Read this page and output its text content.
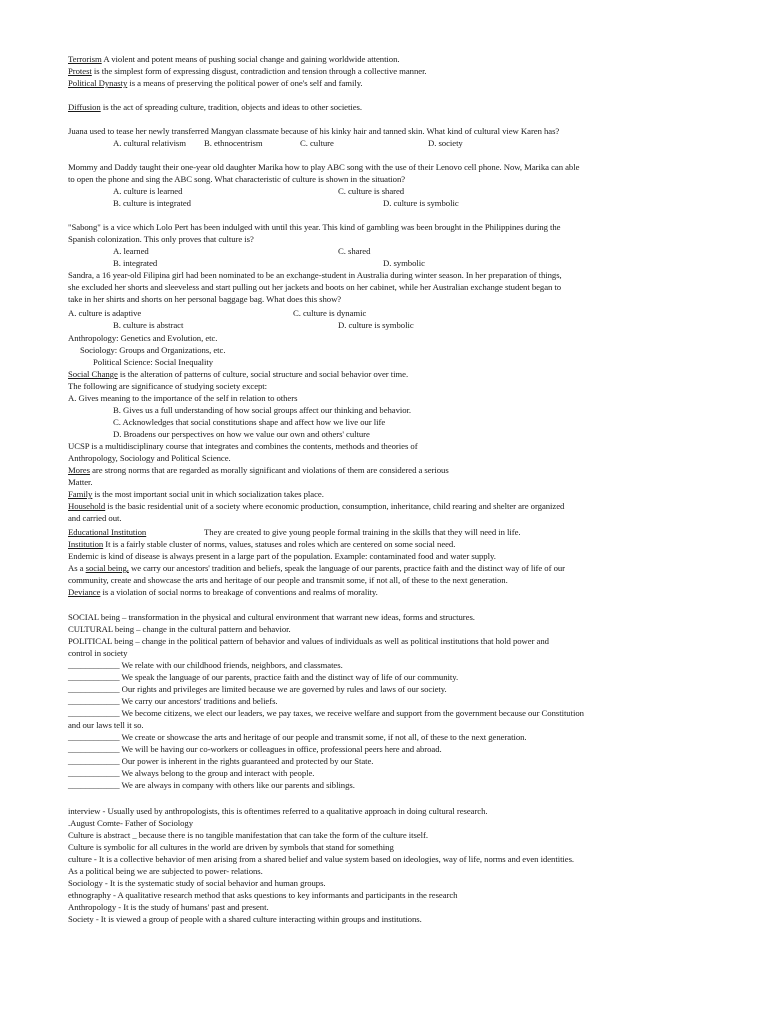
Terrorism A violent and potent means of pushing social change and gaining worldwide attention.
Protest is the simplest form of expressing disgust, contradiction and tension through a collective manner.
Political Dynasty is a means of preserving the political power of one's self and family.
Diffusion is the act of spreading culture, tradition, objects and ideas to other societies.
Juana used to tease her newly transferred Mangyan classmate because of his kinky hair and tanned skin. What kind of cultural view Karen has?
A. cultural relativism B. ethnocentrism	C. culture	D. society
Mommy and Daddy taught their one-year old daughter Marika how to play ABC song with the use of their Lenovo cell phone. Now, Marika can able
to open the phone and sing the ABC song. What characteristic of culture is shown in the situation?
A. culture is learned	C. culture is shared
B. culture is integrated	D. culture is symbolic
"Sabong" is a vice which Lolo Pert has been indulged with until this year. This kind of gambling was been brought in the Philippines during the
Spanish colonization. This only proves that culture is?
A. learned	C. shared
B. integrated	D. symbolic
Sandra, a 16 year-old Filipina girl had been nominated to be an exchange-student in Australia during winter season. In her preparation of things,
she excluded her shorts and sleeveless and start pulling out her jackets and boots on her cabinet, while her Australian exchange student began to
take in her shirts and shorts on her personal baggage bag. What does this show?
A. culture is adaptive	C. culture is dynamic
B. culture is abstract	D. culture is symbolic
Anthropology: Genetics and Evolution, etc.
Sociology: Groups and Organizations, etc.
Political Science: Social Inequality
Social Change is the alteration of patterns of culture, social structure and social behavior over time.
The following are significance of studying society except:
A. Gives meaning to the importance of the self in relation to others
B. Gives us a full understanding of how social groups affect our thinking and behavior.
C. Acknowledges that social constitutions shape and affect how we live our life
D. Broadens our perspectives on how we value our own and others' culture
UCSP is a multidisciplinary course that integrates and combines the contents, methods and theories of
Anthropology, Sociology and Political Science.
Mores are strong norms that are regarded as morally significant and violations of them are considered a serious
Matter.
Family is the most important social unit in which socialization takes place.
Household is the basic residential unit of a society where economic production, consumption, inheritance, child rearing and shelter are organized
and carried out.
Educational Institution	They are created to give young people formal training in the skills that they will need in life.
Institution It is a fairly stable cluster of norms, values, statuses and roles which are centered on some social need.
Endemic is kind of disease is always present in a large part of the population. Example: contaminated food and water supply.
As a social being, we carry our ancestors' tradition and beliefs, speak the language of our parents, practice faith and the distinct way of life of our
community, create and showcase the arts and heritage of our people and transmit some, if not all, of these to the next generation.
Deviance is a violation of social norms to breakage of conventions and realms of morality.
SOCIAL being – transformation in the physical and cultural environment that warrant new ideas, forms and structures.
CULTURAL being – change in the cultural pattern and behavior.
POLITICAL being – change in the political pattern of behavior and values of individuals as well as political institutions that hold power and
control in society
____________ We relate with our childhood friends, neighbors, and classmates.
____________ We speak the language of our parents, practice faith and the distinct way of life of our community.
____________ Our rights and privileges are limited because we are governed by rules and laws of our society.
____________ We carry our ancestors' traditions and beliefs.
____________ We become citizens, we elect our leaders, we pay taxes, we receive welfare and support from the government because our Constitution
and our laws tell it so.
____________ We create or showcase the arts and heritage of our people and transmit some, if not all, of these to the next generation.
____________ We will be having our co-workers or colleagues in office, professional peers here and abroad.
____________ Our power is inherent in the rights guaranteed and protected by our State.
____________ We always belong to the group and interact with people.
____________ We are always in company with others like our parents and siblings.
interview - Usually used by anthropologists, this is oftentimes referred to a qualitative approach in doing cultural research.
.August Comte- Father of Sociology
Culture is abstract _ because there is no tangible manifestation that can take the form of the culture itself.
Culture is symbolic for all cultures in the world are driven by symbols that stand for something
culture - It is a collective behavior of men arising from a shared belief and value system based on ideologies, way of life, norms and even identities.
As a political being we are subjected to power- relations.
Sociology - It is the systematic study of social behavior and human groups.
ethnography - A qualitative research method that asks questions to key informants and participants in the research
Anthropology - It is the study of humans' past and present.
Society - It is viewed a group of people with a shared culture interacting within groups and institutions.
